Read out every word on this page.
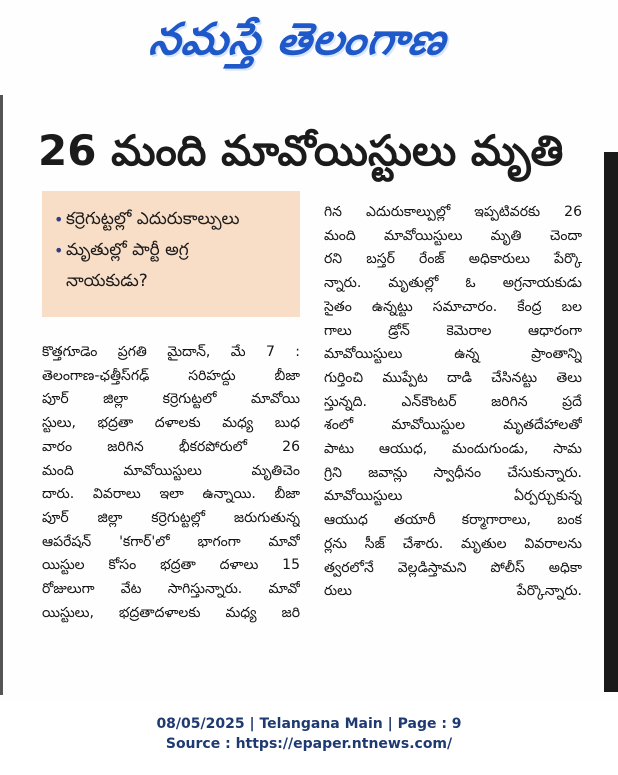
నమస్తే తెలంగాణ
26 మంది మావోయిస్టులు మృతి
• కర్రెగుట్టల్లో ఎదురుకాల్పులు
• మృతుల్లో పార్టీ అగ్ర
నాయకుడు?
కొత్తగూడెం ప్రగతి మైదాన్, మే 7 :
తెలంగాణ-ఛత్తీస్‌గఢ్ సరిహద్దు బీజా
పూర్ జిల్లా కర్రెగుట్టలో మావోయి
స్టులు, భద్రతా దళాలకు మధ్య బుధ
వారం జరిగిన భీకరపోరులో 26
మంది మావోయిస్టులు మృతిచెం
దారు. వివరాలు ఇలా ఉన్నాయి. బీజా
పూర్ జిల్లా కర్రెగుట్టల్లో జరుగుతున్న
ఆపరేషన్ 'కగార్'లో భాగంగా మావో
యిస్టుల కోసం భద్రతా దళాలు 15
రోజులుగా వేట సాగిస్తున్నారు. మావో
యిస్టులు, భద్రతాదళాలకు మధ్య జరి
గిన ఎదురుకాల్పుల్లో ఇప్పటివరకు 26
మంది మావోయిస్టులు మృతి చెందా
రని బస్తర్ రేంజ్ అధికారులు పేర్కొ
న్నారు. మృతుల్లో ఓ అగ్రనాయకుడు
సైతం ఉన్నట్టు సమాచారం. కేంద్ర బల
గాలు డ్రోన్ కెమెరాల ఆధారంగా
మావోయిస్టులు ఉన్న ప్రాంతాన్ని
గుర్తించి ముప్పేట దాడి చేసినట్టు తెలు
స్తున్నది. ఎన్‌కౌంటర్ జరిగిన ప్రదే
శంలో మావోయిస్టుల మృతదేహాలతో
పాటు ఆయుధ, మందుగుండు, సామ
గ్రిని జవాన్లు స్వాధీనం చేసుకున్నారు.
మావోయిస్టులు ఏర్పర్చుకున్న
ఆయుధ తయారీ కర్మాగారాలు, బంక
ర్లను సీజ్ చేశారు. మృతుల వివరాలను
త్వరలోనే వెల్లడిస్తామని పోలీస్ అధికా
రులు పేర్కొన్నారు.
08/05/2025 | Telangana Main | Page : 9
Source : https://epaper.ntnews.com/
